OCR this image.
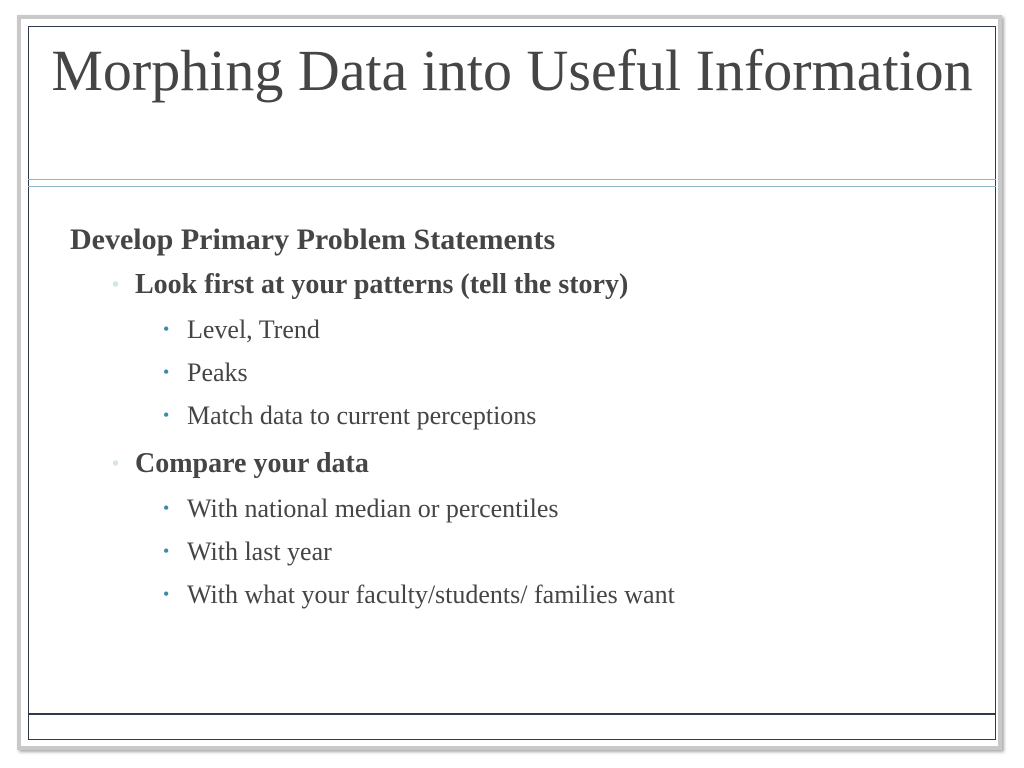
Morphing Data into Useful Information
Develop Primary Problem Statements
• Look first at your patterns (tell the story)
• Level, Trend
• Peaks
• Match data to current perceptions
• Compare your data
• With national median or percentiles
• With last year
• With what your faculty/students/ families want
